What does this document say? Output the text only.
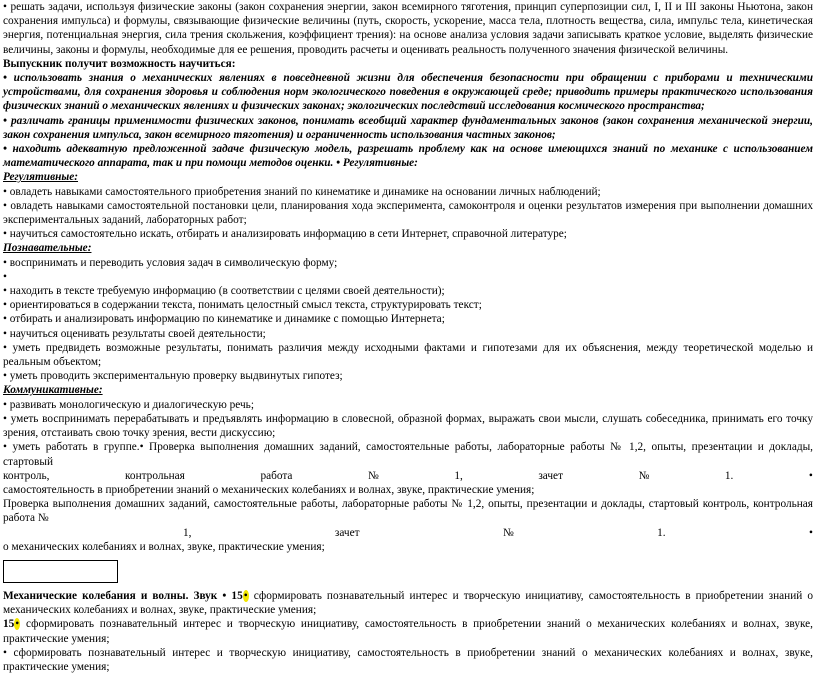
• решать задачи, используя физические законы (закон сохранения энергии, закон всемирного тяготения, принцип суперпозиции сил, I, II и III законы Ньютона, закон сохранения импульса) и формулы, связывающие физические величины (путь, скорость, ускорение, масса тела, плотность вещества, сила, импульс тела, кинетическая энергия, потенциальная энергия, сила трения скольжения, коэффициент трения): на основе анализа условия задачи записывать краткое условие, выделять физические величины, законы и формулы, необходимые для ее решения, проводить расчеты и оценивать реальность полученного значения физической величины.

Выпускник получит возможность научиться:

• использовать знания о механических явлениях в повседневной жизни для обеспечения безопасности при обращении с приборами и техническими устройствами, для сохранения здоровья и соблюдения норм экологического поведения в окружающей среде; приводить примеры практического использования физических знаний о механических явлениях и физических законах; экологических последствий исследования космического пространства;

• различать границы применимости физических законов, понимать всеобщий характер фундаментальных законов (закон сохранения механической энергии, закон сохранения импульса, закон всемирного тяготения) и ограниченность использования частных законов;

• находить адекватную предложенной задаче физическую модель, разрешать проблему как на основе имеющихся знаний по механике с использованием математического аппарата, так и при помощи методов оценки. • Регулятивные:

Регулятивные:

• овладеть навыками самостоятельного приобретения знаний по кинематике и динамике на основании личных наблюдений;

• овладеть навыками самостоятельной постановки цели, планирования хода эксперимента, самоконтроля и оценки результатов измерения при выполнении домашних экспериментальных заданий, лабораторных работ;

• научиться самостоятельно искать, отбирать и анализировать информацию в сети Интернет, справочной литературе;

Познавательные:

• воспринимать и переводить условия задач в символическую форму;

•

• находить в тексте требуемую информацию (в соответствии с целями своей деятельности);

• ориентироваться в содержании текста, понимать целостный смысл текста, структурировать текст;

• отбирать и анализировать информацию по кинематике и динамике с помощью Интернета;

• научиться оценивать результаты своей деятельности;

• уметь предвидеть возможные результаты, понимать различия между исходными фактами и гипотезами для их объяснения, между теоретической моделью и реальным объектом;

• уметь проводить экспериментальную проверку выдвинутых гипотез;

Коммуникативные:

• развивать монологическую и диалогическую речь;

• уметь воспринимать перерабатывать и предъявлять информацию в словесной, образной формах, выражать свои мысли, слушать собеседника, принимать его точку зрения, отстаивать свою точку зрения, вести дискуссию;

• уметь работать в группе.• Проверка выполнения домашних заданий, самостоятельные работы, лабораторные работы № 1,2, опыты, презентации и доклады, стартовый

контроль,	контрольная	работа	№	1,	зачет	№	1.	•

самостоятельность в приобретении знаний о механических колебаниях и волнах, звуке, практические умения;

Проверка выполнения домашних заданий, самостоятельные работы, лабораторные работы № 1,2, опыты, презентации и доклады, стартовый контроль, контрольная работа №

1,	зачет	№	1.	•

о механических колебаниях и волнах, звуке, практические умения;

Механические колебания и волны. Звук • 15• сформировать познавательный интерес и творческую инициативу, самостоятельность в приобретении знаний о механических колебаниях и волнах, звуке, практические умения;

15• сформировать познавательный интерес и творческую инициативу, самостоятельность в приобретении знаний о механических колебаниях и волнах, звуке, практические умения;

• сформировать познавательный интерес и творческую инициативу, самостоятельность в приобретении знаний о механических колебаниях и волнах, звуке, практические умения;
